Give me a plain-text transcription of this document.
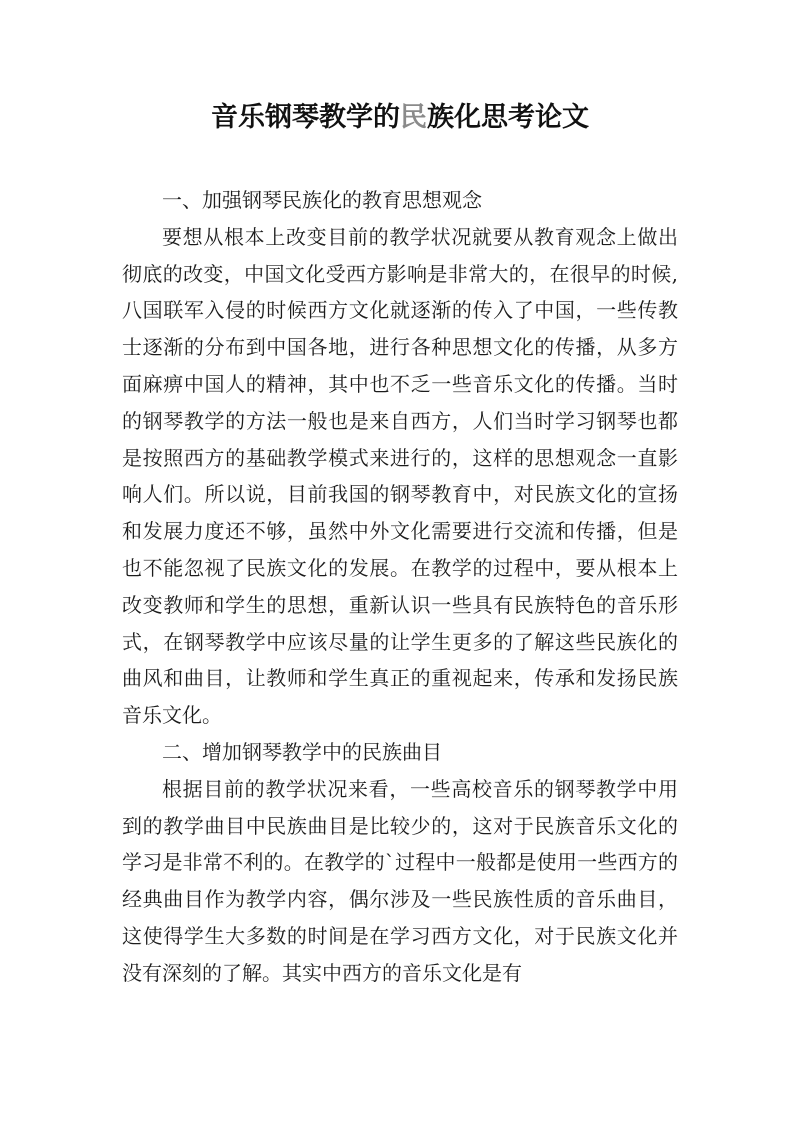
音乐钢琴教学的民族化思考论文

一、加强钢琴民族化的教育思想观念

要想从根本上改变目前的教学状况就要从教育观念上做出彻底的改变，中国文化受西方影响是非常大的，在很早的时候,八国联军入侵的时候西方文化就逐渐的传入了中国，一些传教士逐渐的分布到中国各地，进行各种思想文化的传播，从多方面麻痹中国人的精神，其中也不乏一些音乐文化的传播。当时的钢琴教学的方法一般也是来自西方，人们当时学习钢琴也都是按照西方的基础教学模式来进行的，这样的思想观念一直影响人们。所以说，目前我国的钢琴教育中，对民族文化的宣扬和发展力度还不够，虽然中外文化需要进行交流和传播，但是也不能忽视了民族文化的发展。在教学的过程中，要从根本上改变教师和学生的思想，重新认识一些具有民族特色的音乐形式，在钢琴教学中应该尽量的让学生更多的了解这些民族化的曲风和曲目，让教师和学生真正的重视起来，传承和发扬民族音乐文化。

二、增加钢琴教学中的民族曲目

根据目前的教学状况来看，一些高校音乐的钢琴教学中用到的教学曲目中民族曲目是比较少的，这对于民族音乐文化的学习是非常不利的。在教学的`过程中一般都是使用一些西方的经典曲目作为教学内容，偶尔涉及一些民族性质的音乐曲目，这使得学生大多数的时间是在学习西方文化，对于民族文化并没有深刻的了解。其实中西方的音乐文化是有
